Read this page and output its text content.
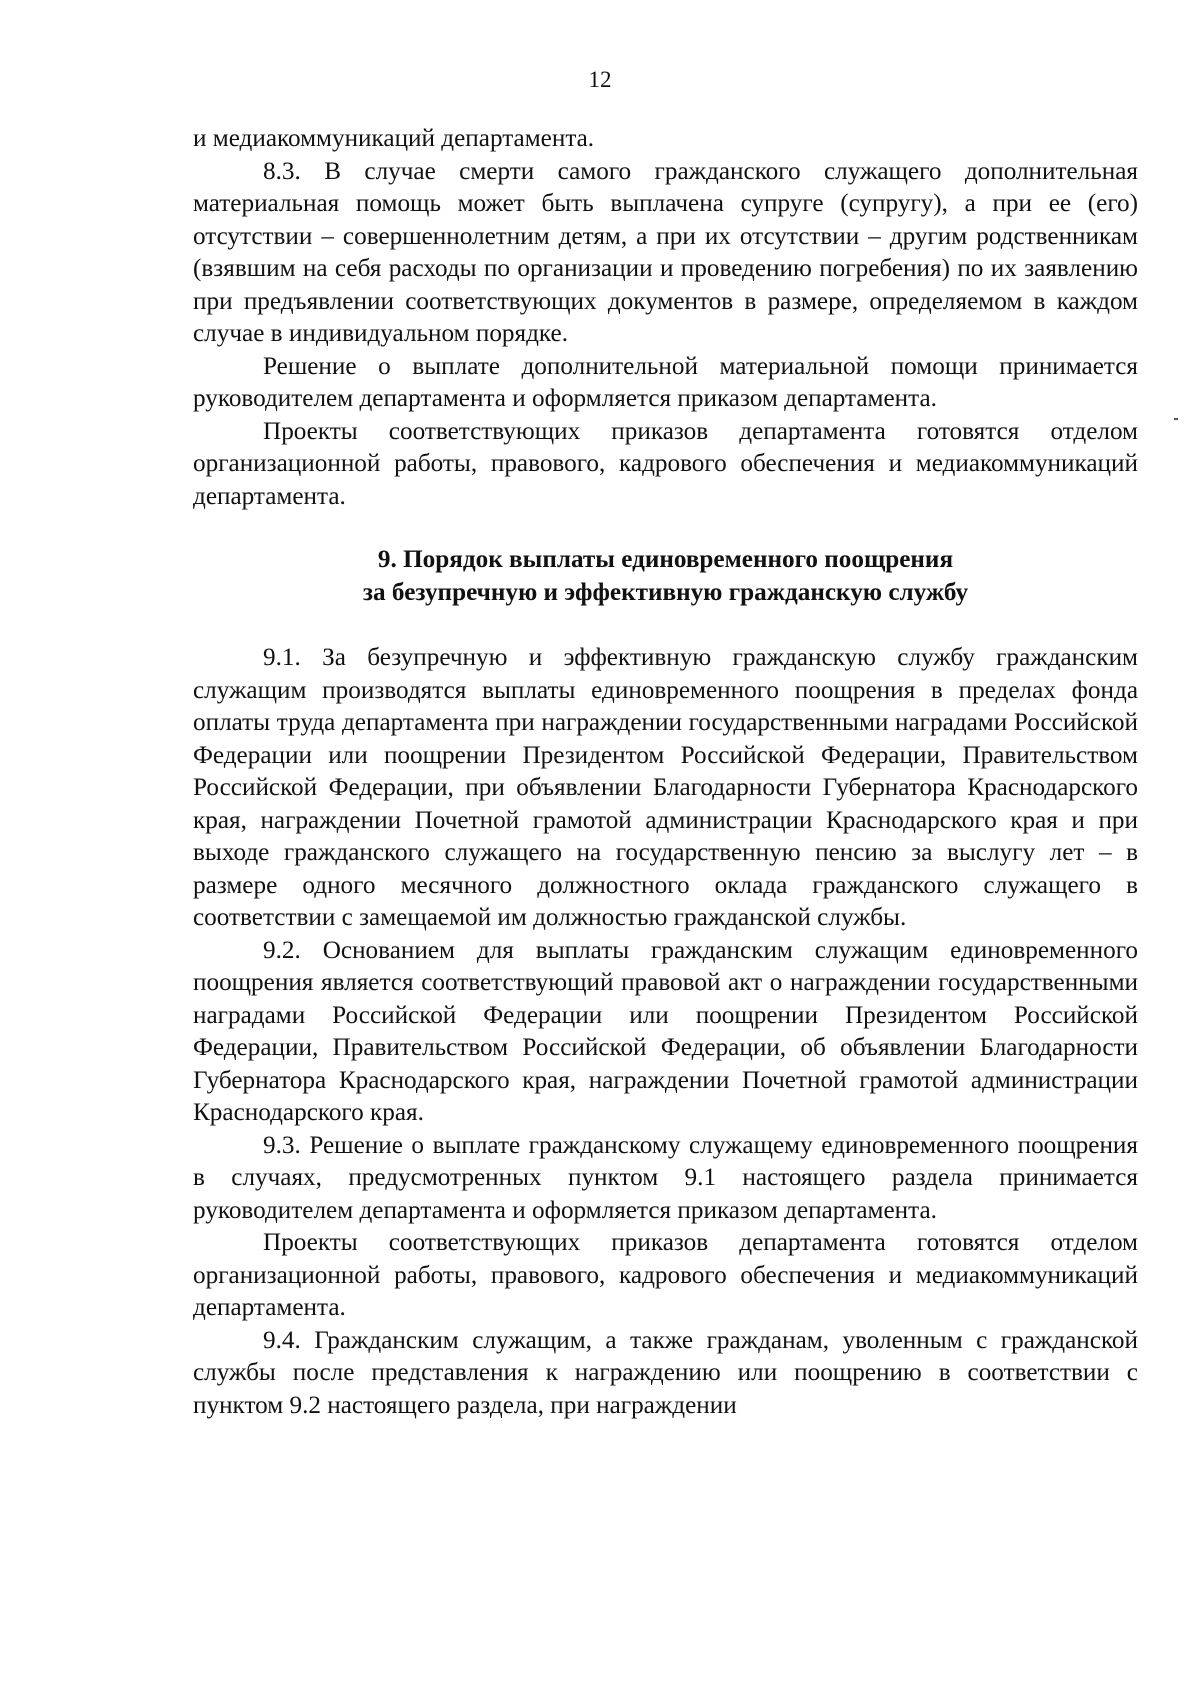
12

и медиакоммуникаций департамента.

8.3. В случае смерти самого гражданского служащего дополнительная материальная помощь может быть выплачена супруге (супругу), а при ее (его) отсутствии – совершеннолетним детям, а при их отсутствии – другим родственникам (взявшим на себя расходы по организации и проведению погребения) по их заявлению при предъявлении соответствующих документов в размере, определяемом в каждом случае в индивидуальном порядке.

Решение о выплате дополнительной материальной помощи принимается руководителем департамента и оформляется приказом департамента.

Проекты соответствующих приказов департамента готовятся отделом организационной работы, правового, кадрового обеспечения и медиакоммуникаций департамента.

9. Порядок выплаты единовременного поощрения
за безупречную и эффективную гражданскую службу

9.1. За безупречную и эффективную гражданскую службу гражданским служащим производятся выплаты единовременного поощрения в пределах фонда оплаты труда департамента при награждении государственными наградами Российской Федерации или поощрении Президентом Российской Федерации, Правительством Российской Федерации, при объявлении Благодарности Губернатора Краснодарского края, награждении Почетной грамотой администрации Краснодарского края и при выходе гражданского служащего на государственную пенсию за выслугу лет – в размере одного месячного должностного оклада гражданского служащего в соответствии с замещаемой им должностью гражданской службы.

9.2. Основанием для выплаты гражданским служащим единовременного поощрения является соответствующий правовой акт о награждении государственными наградами Российской Федерации или поощрении Президентом Российской Федерации, Правительством Российской Федерации, об объявлении Благодарности Губернатора Краснодарского края, награждении Почетной грамотой администрации Краснодарского края.

9.3. Решение о выплате гражданскому служащему единовременного поощрения в случаях, предусмотренных пунктом 9.1 настоящего раздела принимается руководителем департамента и оформляется приказом департамента.

Проекты соответствующих приказов департамента готовятся отделом организационной работы, правового, кадрового обеспечения и медиакоммуникаций департамента.

9.4. Гражданским служащим, а также гражданам, уволенным с гражданской службы после представления к награждению или поощрению в соответствии с пунктом 9.2 настоящего раздела, при награждении
